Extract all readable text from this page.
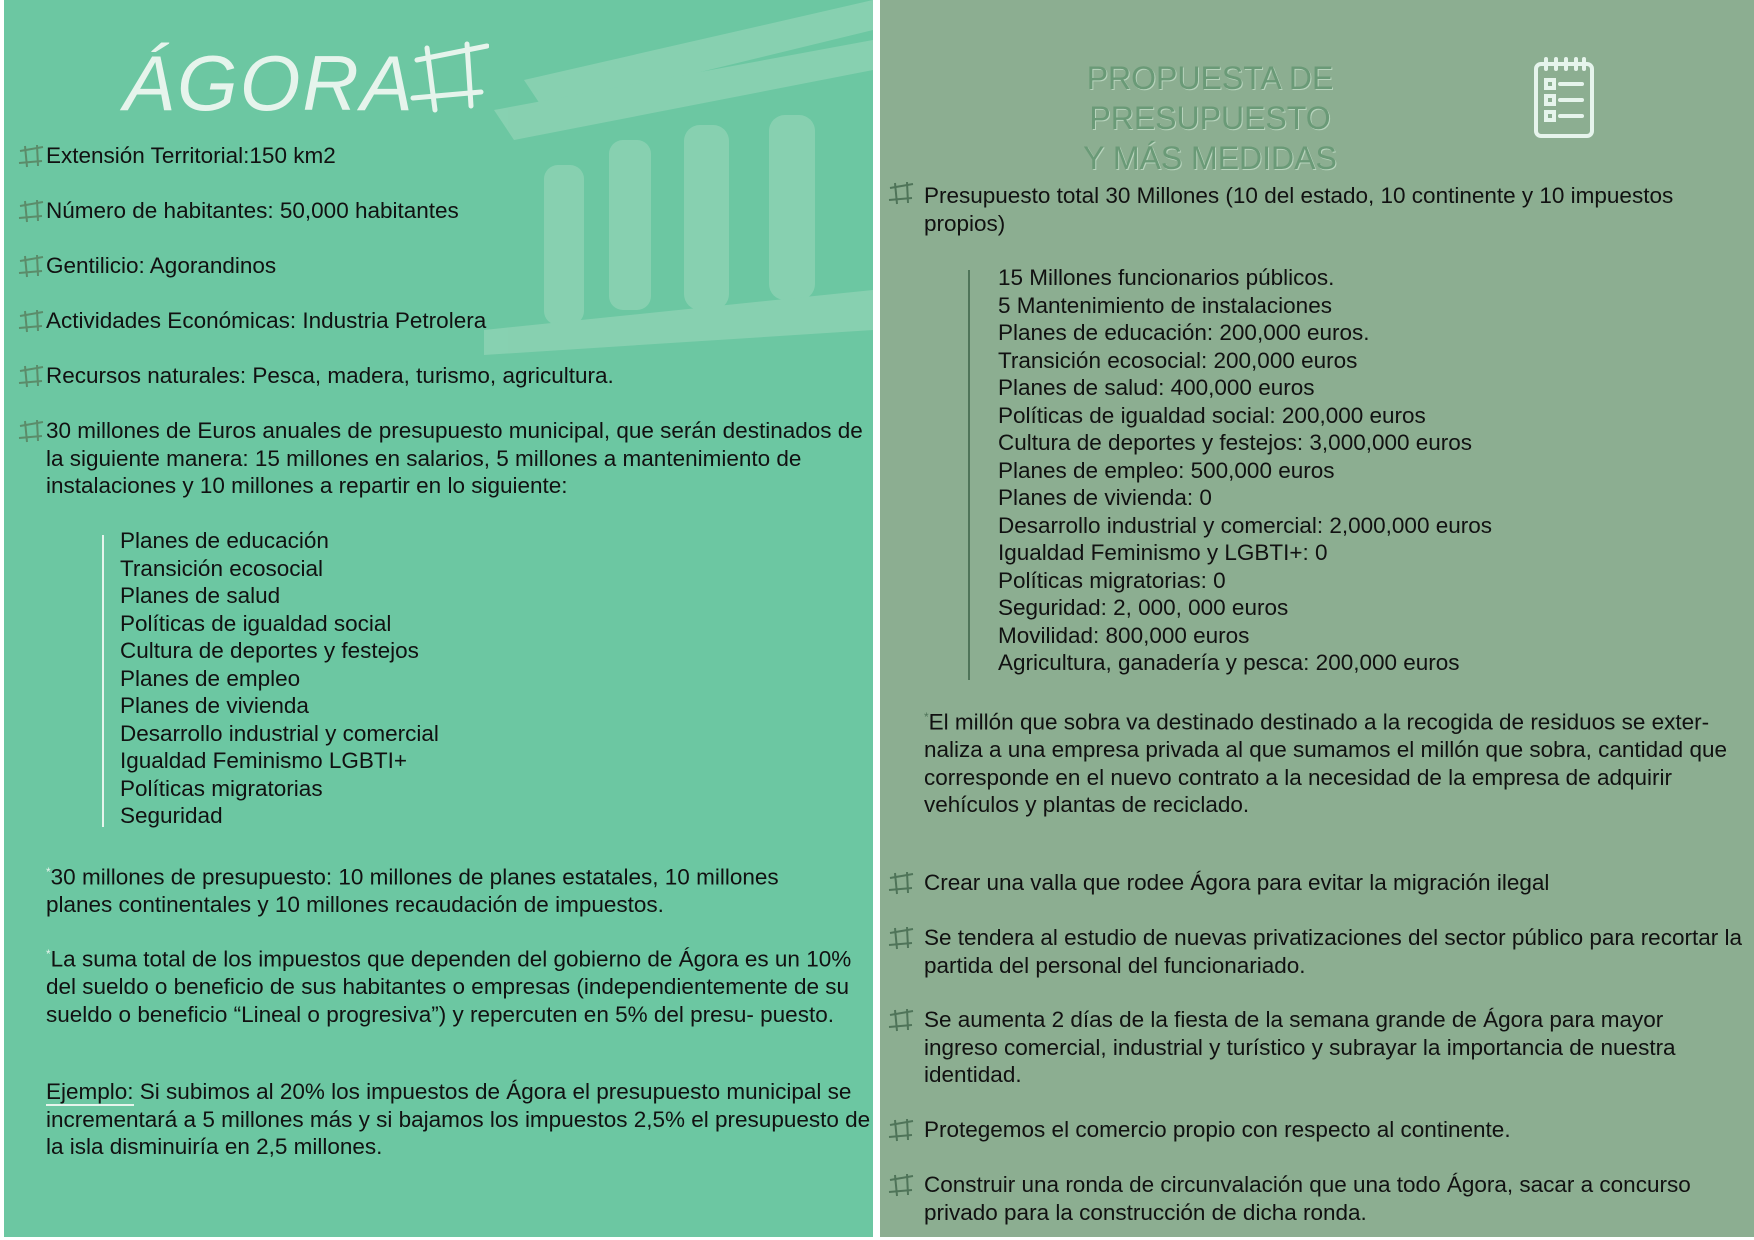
ÁGORA
Extensión Territorial:150 km2
Número de habitantes: 50,000 habitantes
Gentilicio: Agorandinos
Actividades Económicas: Industria Petrolera
Recursos naturales: Pesca, madera, turismo, agricultura.
30 millones de Euros anuales de presupuesto municipal, que serán destinados de la siguiente manera: 15 millones en salarios, 5 millones a mantenimiento de instalaciones y 10 millones a repartir en lo siguiente:
Planes de educación
Transición ecosocial
Planes de salud
Políticas de igualdad social
Cultura de deportes y festejos
Planes de empleo
Planes de vivienda
Desarrollo industrial y comercial
Igualdad Feminismo LGBTI+
Políticas migratorias
Seguridad
*30 millones de presupuesto: 10 millones de planes estatales, 10 millones planes continentales y 10 millones recaudación de impuestos.
*La suma total de los impuestos que dependen del gobierno de Ágora es un 10% del sueldo o beneficio de sus habitantes o empresas (independientemente de su sueldo o beneficio “Lineal o progresiva”) y repercuten en 5% del presu- puesto.
Ejemplo: Si subimos al 20% los impuestos de Ágora el presupuesto municipal se incrementará a 5 millones más y si bajamos los impuestos 2,5% el presupuesto de la isla disminuiría en 2,5 millones.
PROPUESTA DE PRESUPUESTO
Y MÁS MEDIDAS
Presupuesto total 30 Millones (10 del estado, 10 continente y 10 impuestos propios)
15 Millones funcionarios públicos.
5 Mantenimiento de instalaciones
Planes de educación: 200,000 euros.
Transición ecosocial: 200,000 euros
Planes de salud: 400,000 euros
Políticas de igualdad social: 200,000 euros
Cultura de deportes y festejos: 3,000,000 euros
Planes de empleo: 500,000 euros
Planes de vivienda: 0
Desarrollo industrial y comercial: 2,000,000 euros
Igualdad Feminismo y LGBTI+: 0
Políticas migratorias: 0
Seguridad: 2, 000, 000 euros
Movilidad: 800,000 euros
Agricultura, ganadería y pesca: 200,000 euros
*El millón que sobra va destinado destinado a la recogida de residuos se exter- naliza a una empresa privada al que sumamos el millón que sobra, cantidad que corresponde en el nuevo contrato a la necesidad de la empresa de adquirir vehículos y plantas de reciclado.
Crear una valla que rodee Ágora para evitar la migración ilegal
Se tendera al estudio de nuevas privatizaciones del sector público para recortar la partida del personal del funcionariado.
Se aumenta 2 días de la fiesta de la semana grande de Ágora para mayor ingreso comercial, industrial y turístico y subrayar la importancia de nuestra identidad.
Protegemos el comercio propio con respecto al continente.
Construir una ronda de circunvalación que una todo Ágora, sacar a concurso privado para la construcción de dicha ronda.
